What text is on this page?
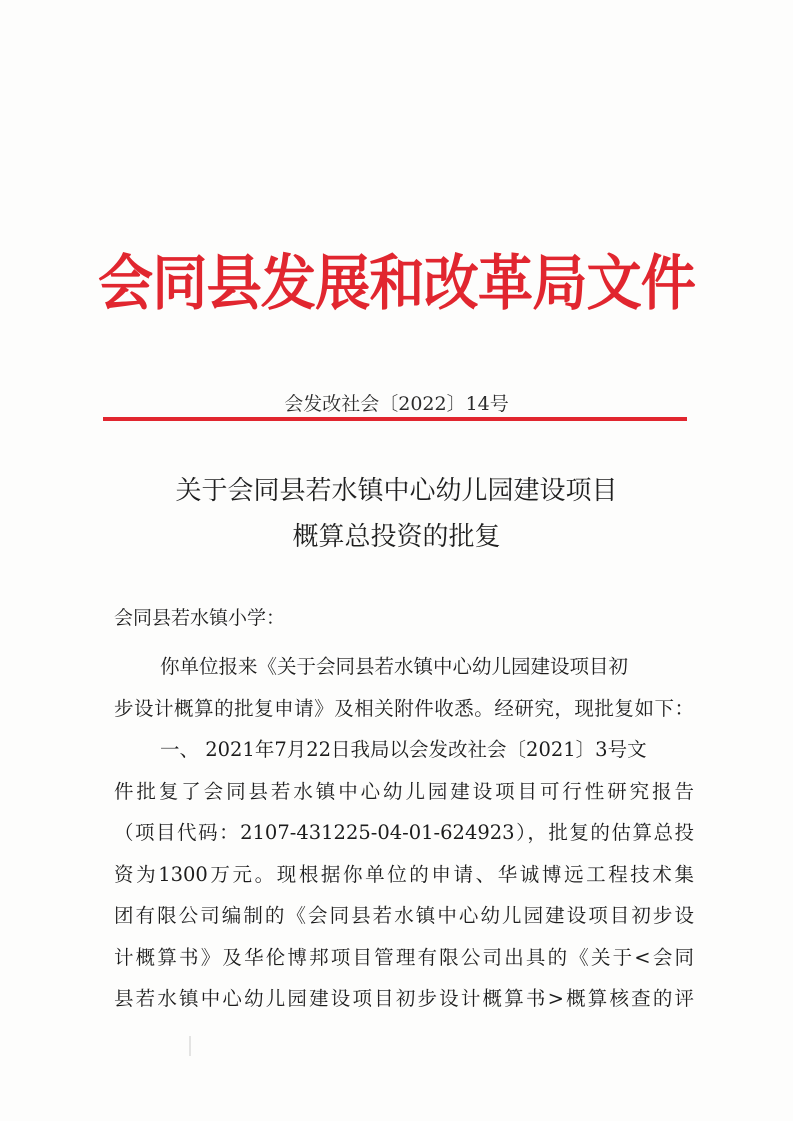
会同县发展和改革局文件
会发改社会〔2022〕14号
关于会同县若水镇中心幼儿园建设项目
概算总投资的批复
会同县若水镇小学：
你单位报来《关于会同县若水镇中心幼儿园建设项目初
步设计概算的批复申请》及相关附件收悉。经研究，现批复如下：
一、 2021年7月22日我局以会发改社会〔2021〕3号文
件批复了会同县若水镇中心幼儿园建设项目可行性研究报告
（项目代码：2107-431225-04-01-624923），批复的估算总投
资为1300万元。现根据你单位的申请、华诚博远工程技术集
团有限公司编制的《会同县若水镇中心幼儿园建设项目初步设
计概算书》及华伦博邦项目管理有限公司出具的《关于<会同
县若水镇中心幼儿园建设项目初步设计概算书>概算核查的评
